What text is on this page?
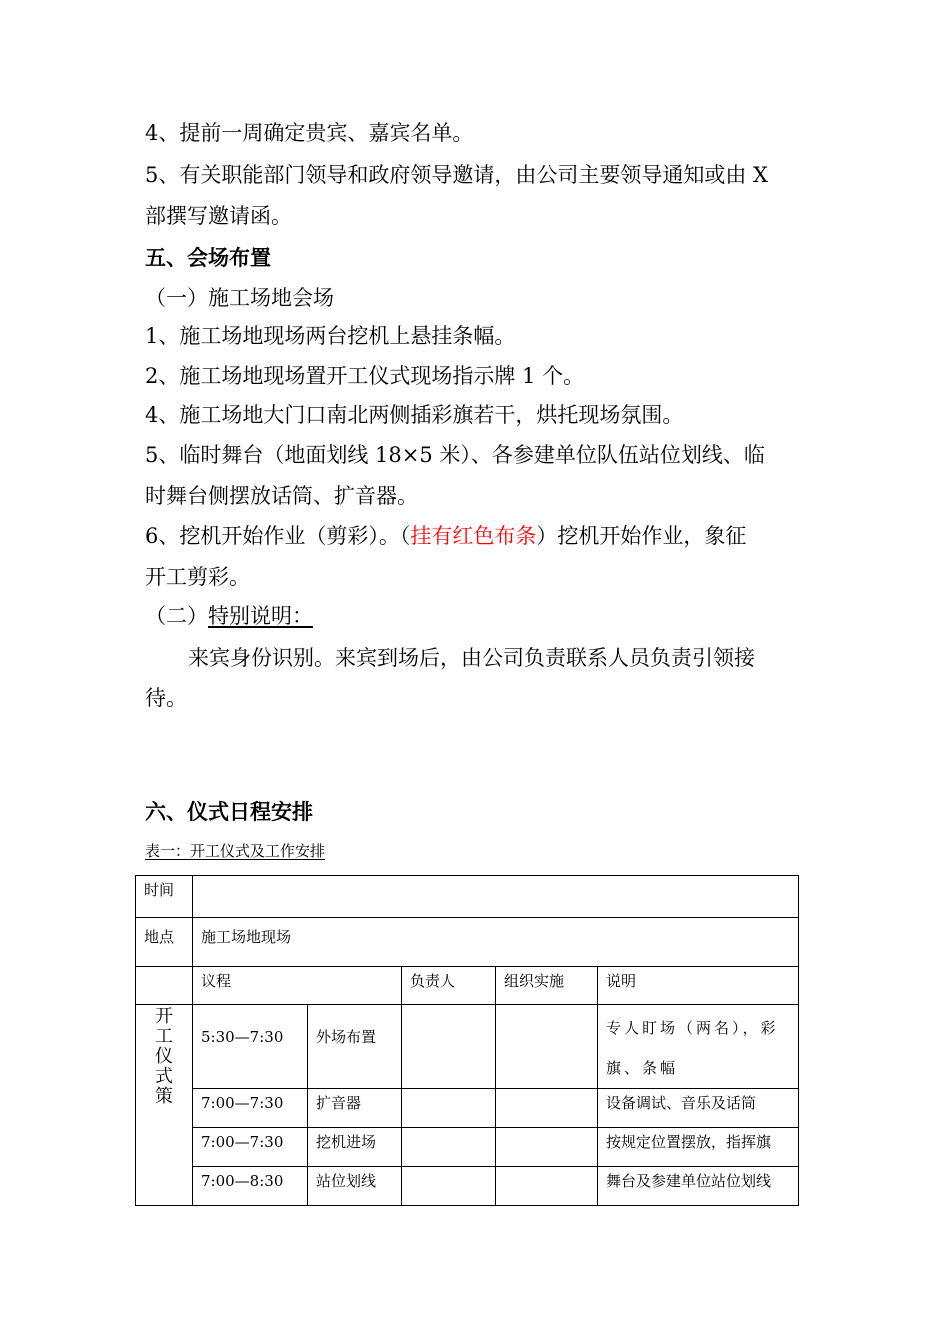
4、提前一周确定贵宾、嘉宾名单。
5、有关职能部门领导和政府领导邀请，由公司主要领导通知或由 X
部撰写邀请函。
五、会场布置
（一）施工场地会场
1、施工场地现场两台挖机上悬挂条幅。
2、施工场地现场置开工仪式现场指示牌 1 个。
4、施工场地大门口南北两侧插彩旗若干，烘托现场氛围。
5、临时舞台（地面划线 18×5 米）、各参建单位队伍站位划线、临
时舞台侧摆放话筒、扩音器。
6、挖机开始作业（剪彩）。（挂有红色布条）挖机开始作业，象征
开工剪彩。
（二）特别说明：
来宾身份识别。来宾到场后，由公司负责联系人员负责引领接
待。
六、仪式日程安排
表一：开工仪式及工作安排
时间					
地点	施工场地现场				
	议程		负责人	组织实施	说明

开
工
仪
式
策	5:30—7:30	外场布置			专人盯场（两名），彩旗、条幅
	7:00—7:30	扩音器			设备调试、音乐及话筒
	7:00—7:30	挖机进场			按规定位置摆放，指挥旗
	7:00—8:30	站位划线			舞台及参建单位站位划线
